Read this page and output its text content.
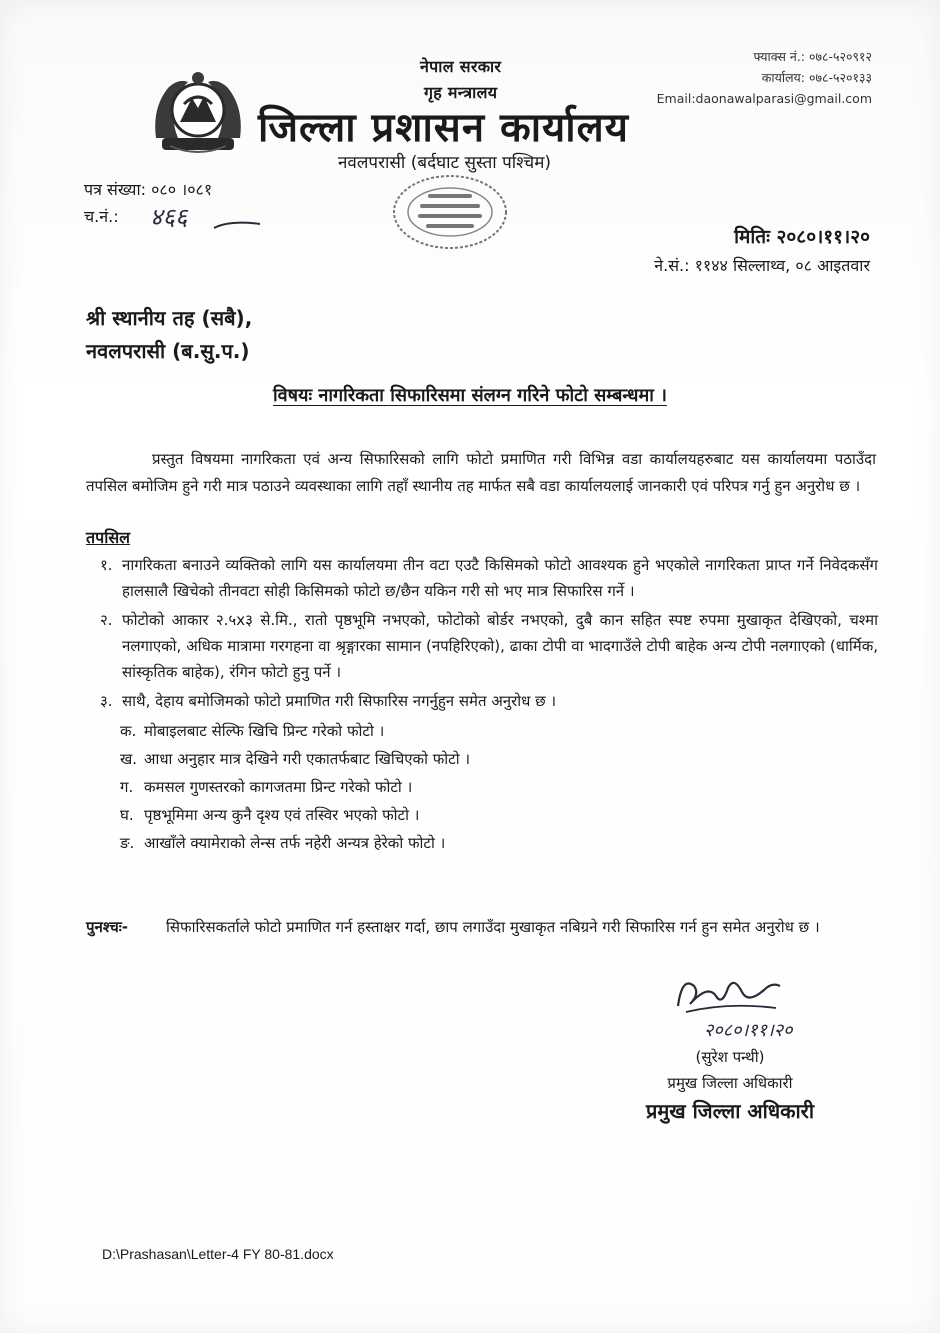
नेपाल सरकार
गृह मन्त्रालय
जिल्ला प्रशासन कार्यालय
नवलपरासी (बर्दघाट सुस्ता पश्चिम)
फ्याक्स नं.: ०७८-५२०९१२
कार्यालय: ०७८-५२०१३३
Email:daonawalparasi@gmail.com
पत्र संख्या: ०८० ।०८१
च.नं.:	४६६
मितिः २०८०।११।२०
ने.सं.: ११४४ सिल्लाथ्व, ०८ आइतवार
श्री स्थानीय तह (सबै),
नवलपरासी (ब.सु.प.)
विषयः नागरिकता सिफारिसमा संलग्न गरिने फोटो सम्बन्धमा ।

प्रस्तुत विषयमा नागरिकता एवं अन्य सिफारिसको लागि फोटो प्रमाणित गरी विभिन्न वडा कार्यालयहरुबाट यस कार्यालयमा पठाउँदा तपसिल बमोजिम हुने गरी मात्र पठाउने व्यवस्थाका लागि तहाँ स्थानीय तह मार्फत सबै वडा कार्यालयलाई जानकारी एवं परिपत्र गर्नु हुन अनुरोध छ ।

तपसिल
१. नागरिकता बनाउने व्यक्तिको लागि यस कार्यालयमा तीन वटा एउटै किसिमको फोटो आवश्यक हुने भएकोले नागरिकता प्राप्त गर्ने निवेदकसँग हालसालै खिचेको तीनवटा सोही किसिमको फोटो छ/छैन यकिन गरी सो भए मात्र सिफारिस गर्ने ।
२. फोटोको आकार २.५x३ से.मि., रातो पृष्ठभूमि नभएको, फोटोको बोर्डर नभएको, दुबै कान सहित स्पष्ट रुपमा मुखाकृत देखिएको, चश्मा नलगाएको, अधिक मात्रामा गरगहना वा श्रृङ्गारका सामान (नपहिरिएको), ढाका टोपी वा भादगाउँले टोपी बाहेक अन्य टोपी नलगाएको (धार्मिक, सांस्कृतिक बाहेक), रंगिन फोटो हुनु पर्ने ।
३. साथै, देहाय बमोजिमको फोटो प्रमाणित गरी सिफारिस नगर्नुहुन समेत अनुरोध छ ।
क. मोबाइलबाट सेल्फि खिचि प्रिन्ट गरेको फोटो ।
ख. आधा अनुहार मात्र देखिने गरी एकातर्फबाट खिचिएको फोटो ।
ग. कमसल गुणस्तरको कागजतमा प्रिन्ट गरेको फोटो ।
घ. पृष्ठभूमिमा अन्य कुनै दृश्य एवं तस्विर भएको फोटो ।
ङ. आखाँले क्यामेराको लेन्स तर्फ नहेरी अन्यत्र हेरेको फोटो ।
पुनश्चः-	सिफारिसकर्ताले फोटो प्रमाणित गर्न हस्ताक्षर गर्दा, छाप लगाउँदा मुखाकृत नबिग्रने गरी सिफारिस गर्न हुन समेत अनुरोध छ ।
२०८०।११।२०
(सुरेश पन्थी)
प्रमुख जिल्ला अधिकारी
प्रमुख जिल्ला अधिकारी
D:\Prashasan\Letter-4 FY 80-81.docx
